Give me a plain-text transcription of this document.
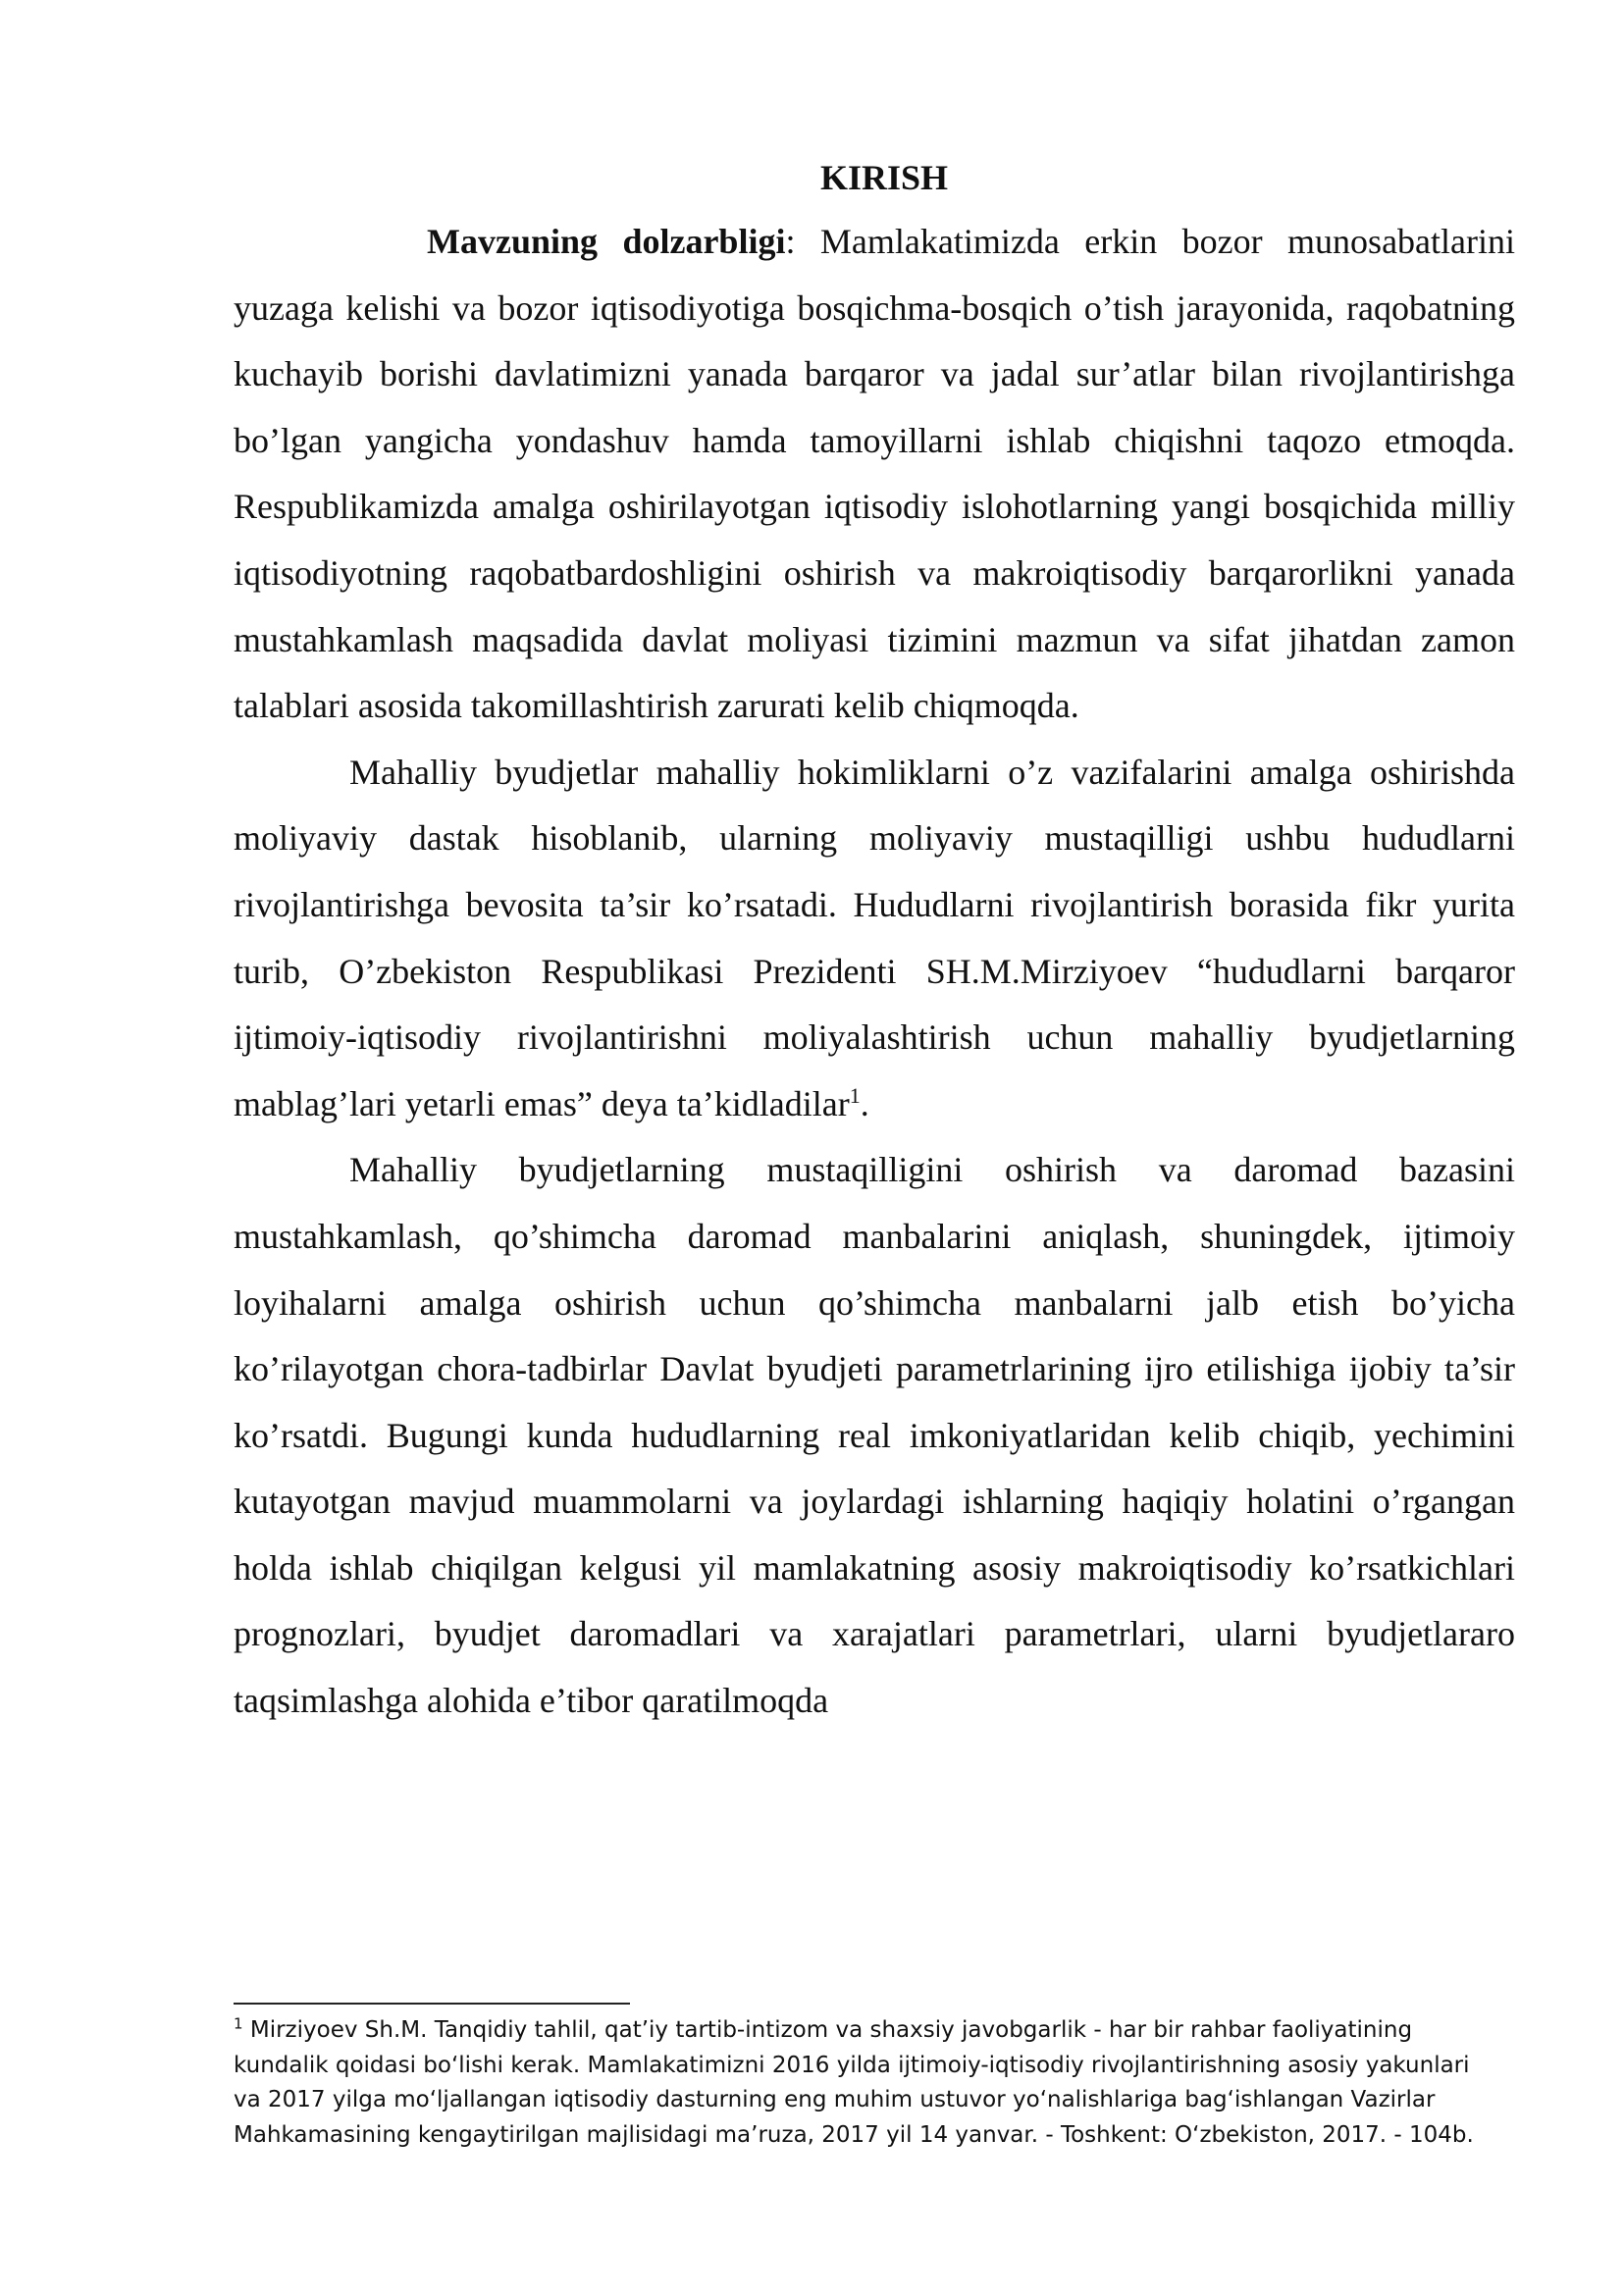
KIRISH

Mavzuning dolzarbligi: Mamlakatimizda erkin bozor munosabatlarini yuzaga kelishi va bozor iqtisodiyotiga bosqichma-bosqich o’tish jarayonida, raqobatning kuchayib borishi davlatimizni yanada barqaror va jadal sur’atlar bilan rivojlantirishga bo’lgan yangicha yondashuv hamda tamoyillarni ishlab chiqishni taqozo etmoqda. Respublikamizda amalga oshirilayotgan iqtisodiy islohotlarning yangi bosqichida milliy iqtisodiyotning raqobatbardoshligini oshirish va makroiqtisodiy barqarorlikni yanada mustahkamlash maqsadida davlat moliyasi tizimini mazmun va sifat jihatdan zamon talablari asosida takomillashtirish zarurati kelib chiqmoqda.

Mahalliy byudjetlar mahalliy hokimliklarni o’z vazifalarini amalga oshirishda moliyaviy dastak hisoblanib, ularning moliyaviy mustaqilligi ushbu hududlarni rivojlantirishga bevosita ta’sir ko’rsatadi. Hududlarni rivojlantirish borasida fikr yurita turib, O’zbekiston Respublikasi Prezidenti SH.M.Mirziyoev “hududlarni barqaror ijtimoiy-iqtisodiy rivojlantirishni moliyalashtirish uchun mahalliy byudjetlarning mablag’lari yetarli emas” deya ta’kidladilar$^1$.

Mahalliy byudjetlarning mustaqilligini oshirish va daromad bazasini mustahkamlash, qo’shimcha daromad manbalarini aniqlash, shuningdek, ijtimoiy loyihalarni amalga oshirish uchun qo’shimcha manbalarni jalb etish bo’yicha ko’rilayotgan chora-tadbirlar Davlat byudjeti parametrlarining ijro etilishiga ijobiy ta’sir ko’rsatdi. Bugungi kunda hududlarning real imkoniyatlaridan kelib chiqib, yechimini kutayotgan mavjud muammolarni va joylardagi ishlarning haqiqiy holatini o’rgangan holda ishlab chiqilgan kelgusi yil mamlakatning asosiy makroiqtisodiy ko’rsatkichlari prognozlari, byudjet daromadlari va xarajatlari parametrlari, ularni byudjetlararo taqsimlashga alohida e’tibor qaratilmoqda

$^1$ Mirziyoev Sh.M. Tanqidiy tahlil, qat’iy tartib-intizom va shaxsiy javobgarlik - har bir rahbar faoliyatining kundalik qoidasi bo‘lishi kerak. Mamlakatimizni 2016 yilda ijtimoiy-iqtisodiy rivojlantirishning asosiy yakunlari va 2017 yilga mo‘ljallangan iqtisodiy dasturning eng muhim ustuvor yo‘nalishlariga bag‘ishlangan Vazirlar Mahkamasining kengaytirilgan majlisidagi ma’ruza, 2017 yil 14 yanvar. - Toshkent: O‘zbekiston, 2017. - 104b.
